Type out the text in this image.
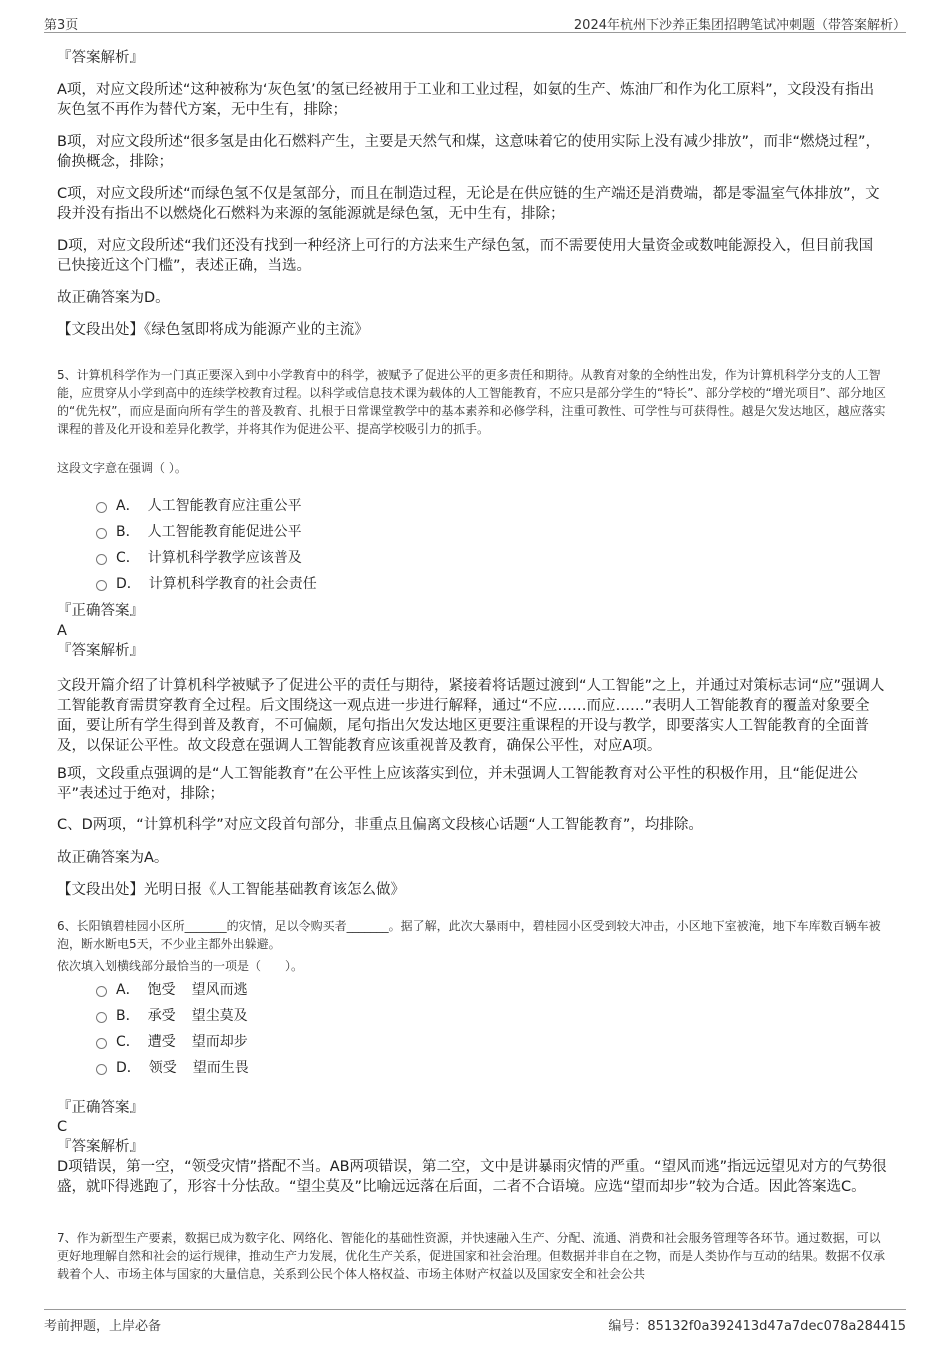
第3页	2024年杭州下沙养正集团招聘笔试冲刺题（带答案解析）
『答案解析』
A项，对应文段所述“这种被称为‘灰色氢’的氢已经被用于工业和工业过程，如氨的生产、炼油厂和作为化工原料”，文段没有指出灰色氢不再作为替代方案，无中生有，排除；
B项，对应文段所述“很多氢是由化石燃料产生，主要是天然气和煤，这意味着它的使用实际上没有减少排放”，而非“燃烧过程”，偷换概念，排除；
C项，对应文段所述“而绿色氢不仅是氢部分，而且在制造过程，无论是在供应链的生产端还是消费端，都是零温室气体排放”，文段并没有指出不以燃烧化石燃料为来源的氢能源就是绿色氢，无中生有，排除；
D项，对应文段所述“我们还没有找到一种经济上可行的方法来生产绿色氢，而不需要使用大量资金或数吨能源投入，但目前我国已快接近这个门槛”，表述正确，当选。
故正确答案为D。
【文段出处】《绿色氢即将成为能源产业的主流》
5、计算机科学作为一门真正要深入到中小学教育中的科学，被赋予了促进公平的更多责任和期待。从教育对象的全纳性出发，作为计算机科学分支的人工智能，应贯穿从小学到高中的连续学校教育过程。以科学或信息技术课为载体的人工智能教育，不应只是部分学生的“特长”、部分学校的“增光项目”、部分地区的“优先权”，而应是面向所有学生的普及教育、扎根于日常课堂教学中的基本素养和必修学科，注重可教性、可学性与可获得性。越是欠发达地区，越应落实课程的普及化开设和差异化教学，并将其作为促进公平、提高学校吸引力的抓手。
这段文字意在强调（ ）。
A． 人工智能教育应注重公平
B． 人工智能教育能促进公平
C． 计算机科学教学应该普及
D． 计算机科学教育的社会责任
『正确答案』
A
『答案解析』
文段开篇介绍了计算机科学被赋予了促进公平的责任与期待，紧接着将话题过渡到“人工智能”之上，并通过对策标志词“应”强调人工智能教育需贯穿教育全过程。后文围绕这一观点进一步进行解释，通过“不应……而应……”表明人工智能教育的覆盖对象要全面，要让所有学生得到普及教育，不可偏颇，尾句指出欠发达地区更要注重课程的开设与教学，即要落实人工智能教育的全面普及，以保证公平性。故文段意在强调人工智能教育应该重视普及教育，确保公平性，对应A项。
B项，文段重点强调的是“人工智能教育”在公平性上应该落实到位，并未强调人工智能教育对公平性的积极作用，且“能促进公平”表述过于绝对，排除；
C、D两项，“计算机科学”对应文段首句部分，非重点且偏离文段核心话题“人工智能教育”，均排除。
故正确答案为A。
【文段出处】光明日报《人工智能基础教育该怎么做》
6、长阳镇碧桂园小区所_______的灾情，足以令购买者_______。据了解，此次大暴雨中，碧桂园小区受到较大冲击，小区地下室被淹，地下车库数百辆车被泡，断水断电5天，不少业主都外出躲避。
依次填入划横线部分最恰当的一项是（　　）。
A． 饱受 望风而逃
B． 承受 望尘莫及
C． 遭受 望而却步
D． 领受 望而生畏
『正确答案』
C
『答案解析』
D项错误，第一空，“领受灾情”搭配不当。AB两项错误，第二空，文中是讲暴雨灾情的严重。“望风而逃”指远远望见对方的气势很盛，就吓得逃跑了，形容十分怯敌。“望尘莫及”比喻远远落在后面，二者不合语境。应选“望而却步”较为合适。因此答案选C。
7、作为新型生产要素，数据已成为数字化、网络化、智能化的基础性资源，并快速融入生产、分配、流通、消费和社会服务管理等各环节。通过数据，可以更好地理解自然和社会的运行规律，推动生产力发展，优化生产关系，促进国家和社会治理。但数据并非自在之物，而是人类协作与互动的结果。数据不仅承载着个人、市场主体与国家的大量信息，关系到公民个体人格权益、市场主体财产权益以及国家安全和社会公共
考前押题，上岸必备	编号：85132f0a392413d47a7dec078a284415
